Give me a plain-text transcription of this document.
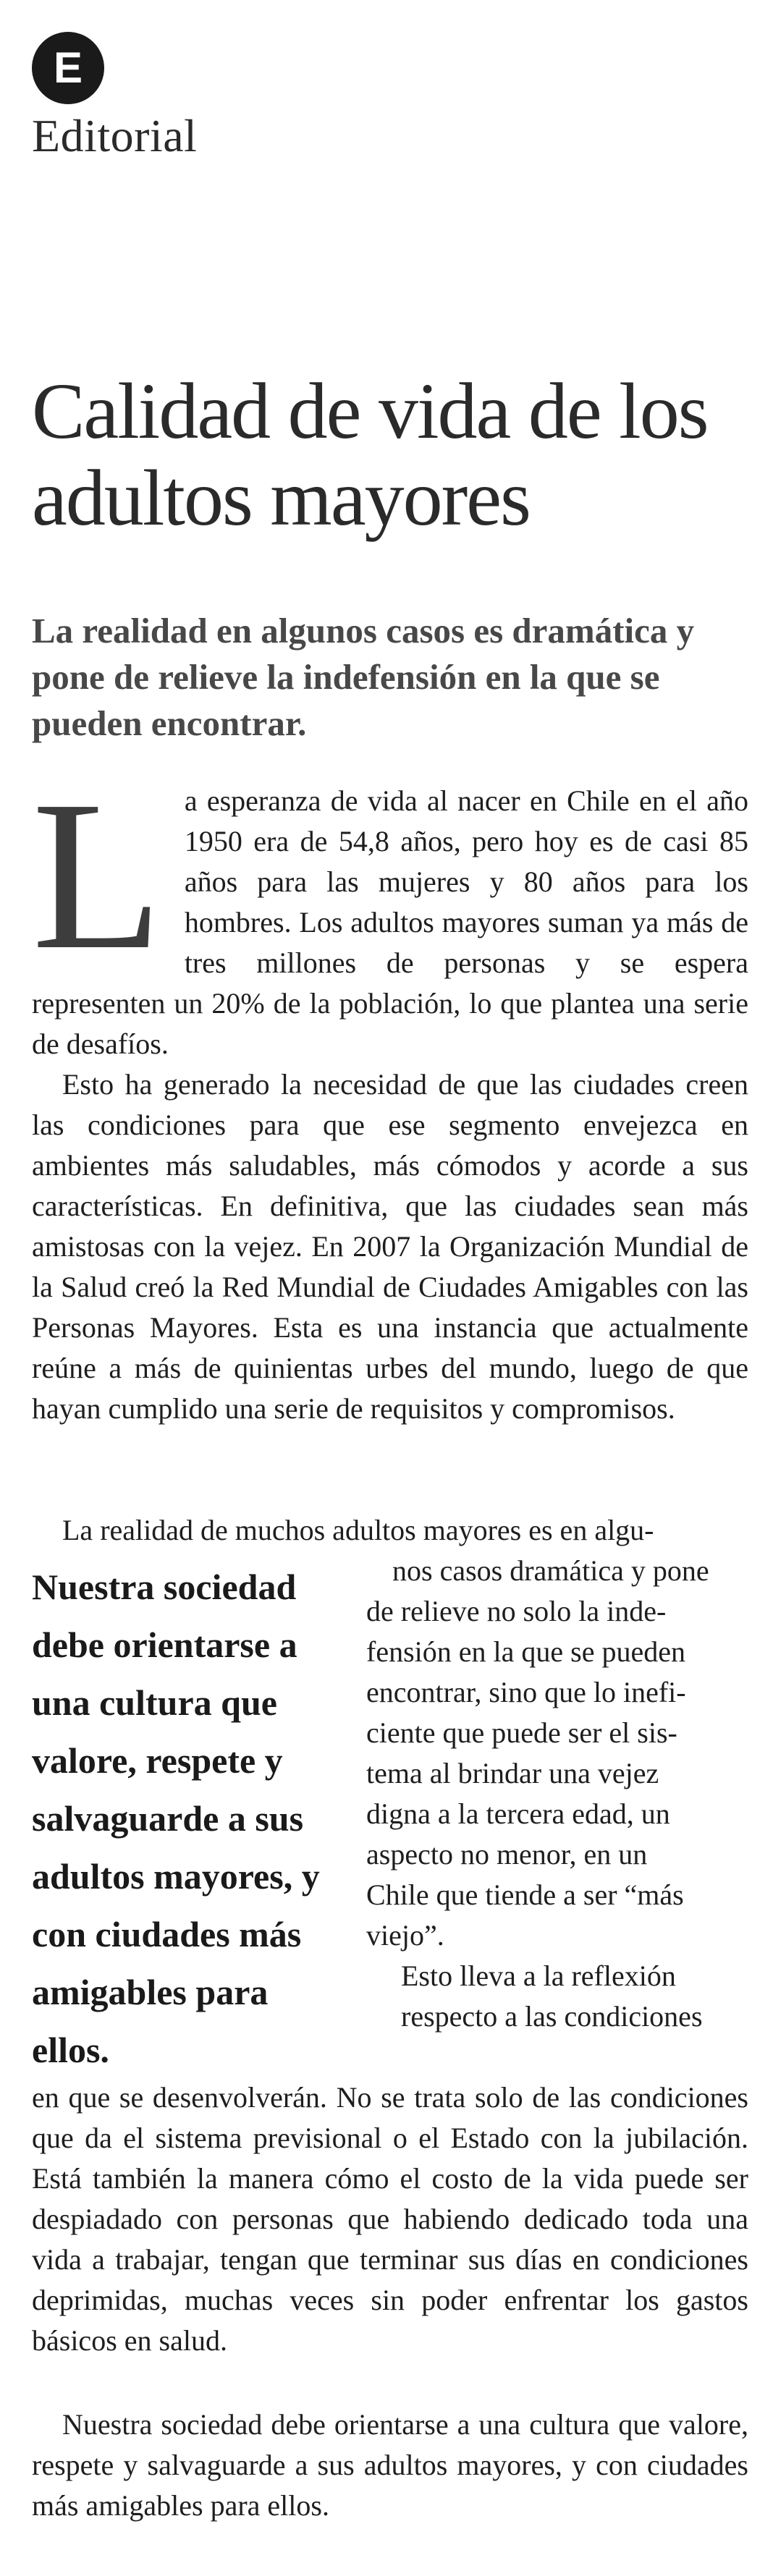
E
Editorial
Calidad de vida de los adultos mayores

La realidad en algunos casos es dramática y pone de relieve la indefensión en la que se pueden encontrar.

La esperanza de vida al nacer en Chile en el año 1950 era de 54,8 años, pero hoy es de casi 85 años para las mujeres y 80 años para los hombres. Los adultos mayores suman ya más de tres millones de personas y se espera representen un 20% de la población, lo que plantea una serie de desafíos.

Esto ha generado la necesidad de que las ciudades creen las condiciones para que ese segmento envejezca en ambientes más saludables, más cómodos y acorde a sus características. En definitiva, que las ciudades sean más amistosas con la vejez. En 2007 la Organización Mundial de la Salud creó la Red Mundial de Ciudades Amigables con las Personas Mayores. Esta es una instancia que actualmente reúne a más de quinientas urbes del mundo, luego de que hayan cumplido una serie de requisitos y compromisos.

La realidad de muchos adultos mayores es en algu-

Nuestra sociedad debe orientarse a una cultura que valore, respete y salvaguarde a sus adultos mayores, y con ciudades más amigables para ellos.

nos casos dramática y pone
de relieve no solo la inde-
fensión en la que se pueden
encontrar, sino que lo inefi-
ciente que puede ser el sis-
tema al brindar una vejez
digna a la tercera edad, un
aspecto no menor, en un
Chile que tiende a ser “más
viejo”.
Esto lleva a la reflexión
respecto a las condiciones

en que se desenvolverán. No se trata solo de las condiciones que da el sistema previsional o el Estado con la jubilación. Está también la manera cómo el costo de la vida puede ser despiadado con personas que habiendo dedicado toda una vida a trabajar, tengan que terminar sus días en condiciones deprimidas, muchas veces sin poder enfrentar los gastos básicos en salud.

Nuestra sociedad debe orientarse a una cultura que valore, respete y salvaguarde a sus adultos mayores, y con ciudades más amigables para ellos.
